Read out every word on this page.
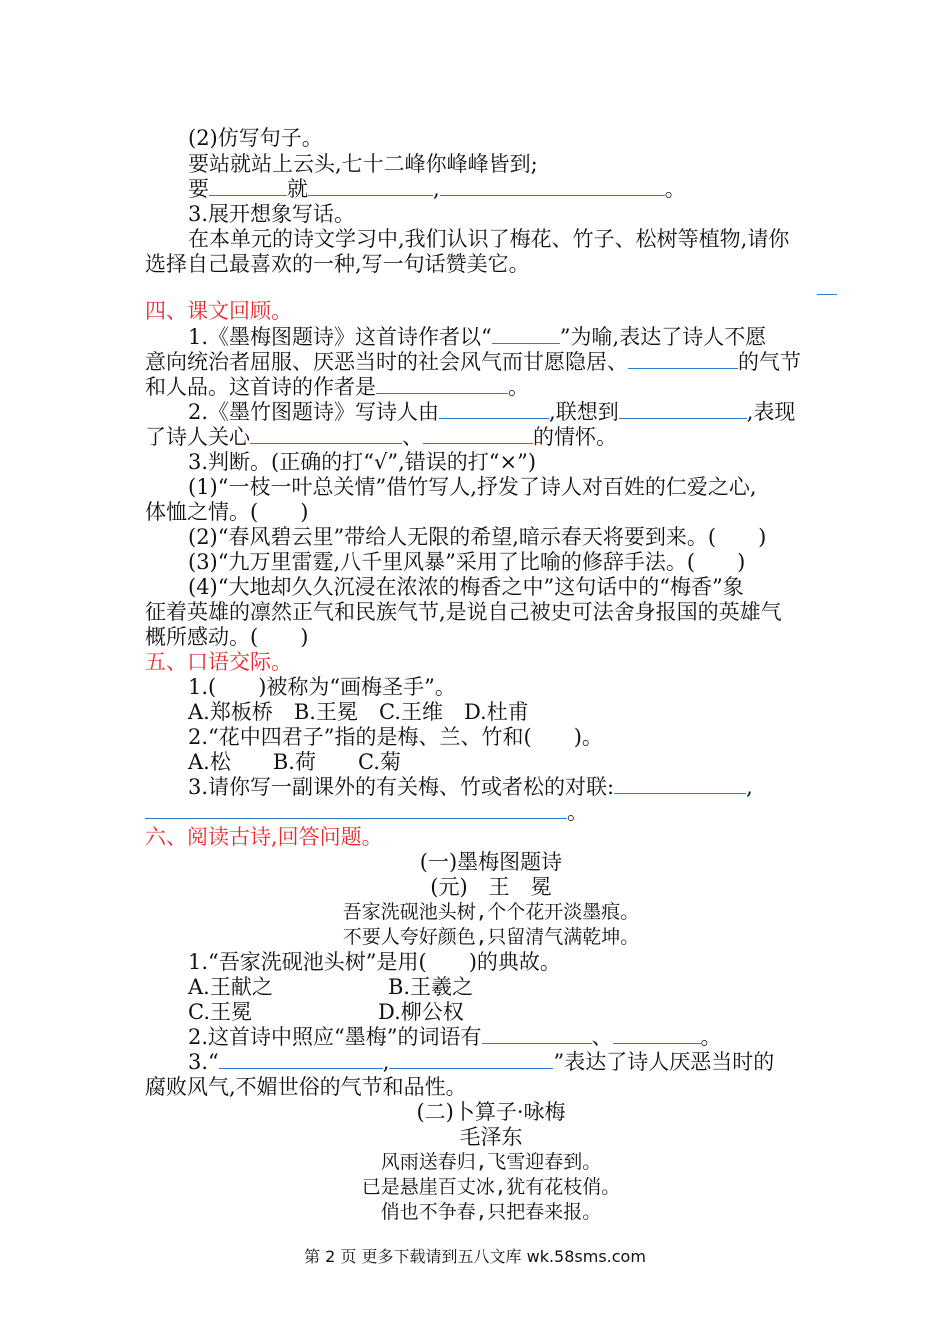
(2)仿写句子。
要站就站上云头,七十二峰你峰峰皆到;
要	就	,	。
3.展开想象写话。
在本单元的诗文学习中,我们认识了梅花、竹子、松树等植物,请你
选择自己最喜欢的一种,写一句话赞美它。
四、课文回顾。
1.《墨梅图题诗》这首诗作者以“	”为喻,表达了诗人不愿
意向统治者屈服、厌恶当时的社会风气而甘愿隐居、	的气节
和人品。这首诗的作者是	。
2.《墨竹图题诗》写诗人由	,联想到	,表现
了诗人关心	、	的情怀。
3.判断。(正确的打“√”,错误的打“×”)
(1)“一枝一叶总关情”借竹写人,抒发了诗人对百姓的仁爱之心,
体恤之情。(　　)
(2)“春风碧云里”带给人无限的希望,暗示春天将要到来。(　　)
(3)“九万里雷霆,八千里风暴”采用了比喻的修辞手法。(　　)
(4)“大地却久久沉浸在浓浓的梅香之中”这句话中的“梅香”象
征着英雄的凛然正气和民族气节,是说自己被史可法舍身报国的英雄气
概所感动。(　　)
五、口语交际。
1.(　　)被称为“画梅圣手”。
A.郑板桥　B.王冕　C.王维　D.杜甫
2.“花中四君子”指的是梅、兰、竹和(　　)。
A.松　　B.荷　　C.菊
3.请你写一副课外的有关梅、竹或者松的对联:	,
。
六、阅读古诗,回答问题。
(一)墨梅图题诗
(元)　王　冕
吾家洗砚池头树,个个花开淡墨痕。
不要人夸好颜色,只留清气满乾坤。
1.“吾家洗砚池头树”是用(　　)的典故。
A.王献之	B.王羲之
C.王冕	D.柳公权
2.这首诗中照应“墨梅”的词语有	、	。
3.“	,	”表达了诗人厌恶当时的
腐败风气,不媚世俗的气节和品性。
(二)卜算子·咏梅
毛泽东
风雨送春归,飞雪迎春到。
已是悬崖百丈冰,犹有花枝俏。
俏也不争春,只把春来报。
第 2 页 更多下载请到五八文库 wk.58sms.com
